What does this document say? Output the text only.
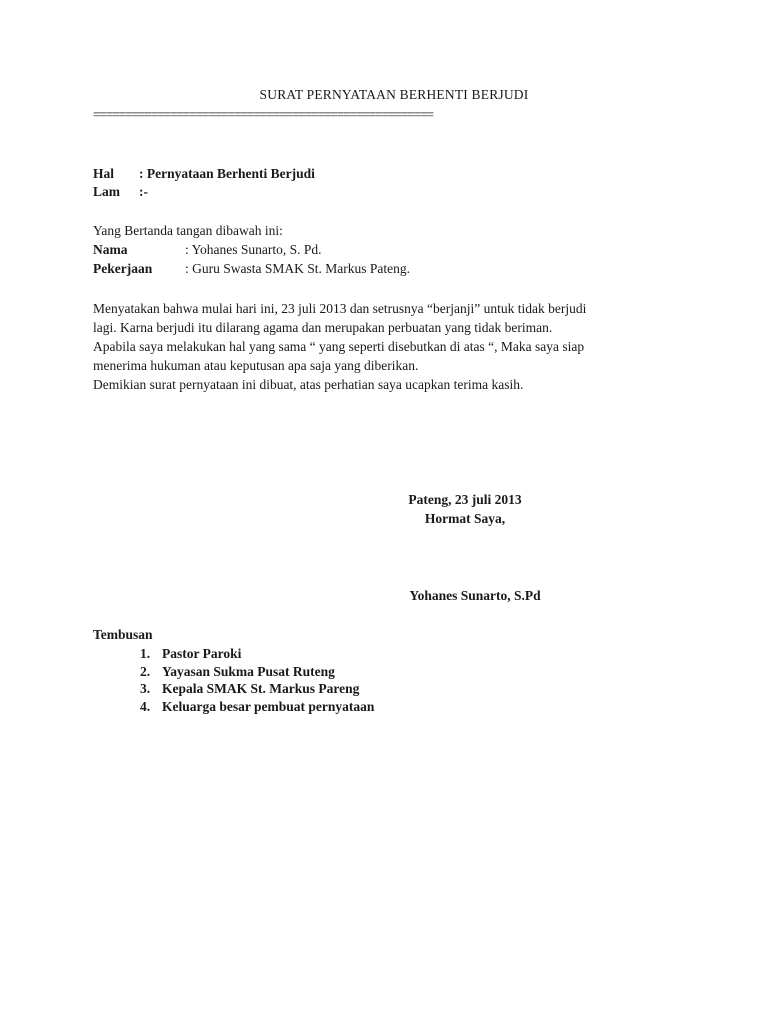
SURAT PERNYATAAN BERHENTI BERJUDI
=====================================================
Hal : Pernyataan Berhenti Berjudi
Lam :-
Yang Bertanda tangan dibawah ini:
Nama	: Yohanes Sunarto, S. Pd.
Pekerjaan : Guru Swasta SMAK St. Markus Pateng.

Menyatakan bahwa mulai hari ini, 23 juli 2013 dan setrusnya “berjanji” untuk tidak berjudi

lagi. Karna berjudi itu dilarang agama dan merupakan perbuatan yang tidak beriman.

Apabila saya melakukan hal yang sama “ yang seperti disebutkan di atas “, Maka saya siap

menerima hukuman atau keputusan apa saja yang diberikan.

Demikian surat pernyataan ini dibuat, atas perhatian saya ucapkan terima kasih.

Pateng, 23 juli 2013
Hormat Saya,
Yohanes Sunarto, S.Pd
Tembusan
1. Pastor Paroki
2. Yayasan Sukma Pusat Ruteng
3. Kepala SMAK St. Markus Pareng
4. Keluarga besar pembuat pernyataan
